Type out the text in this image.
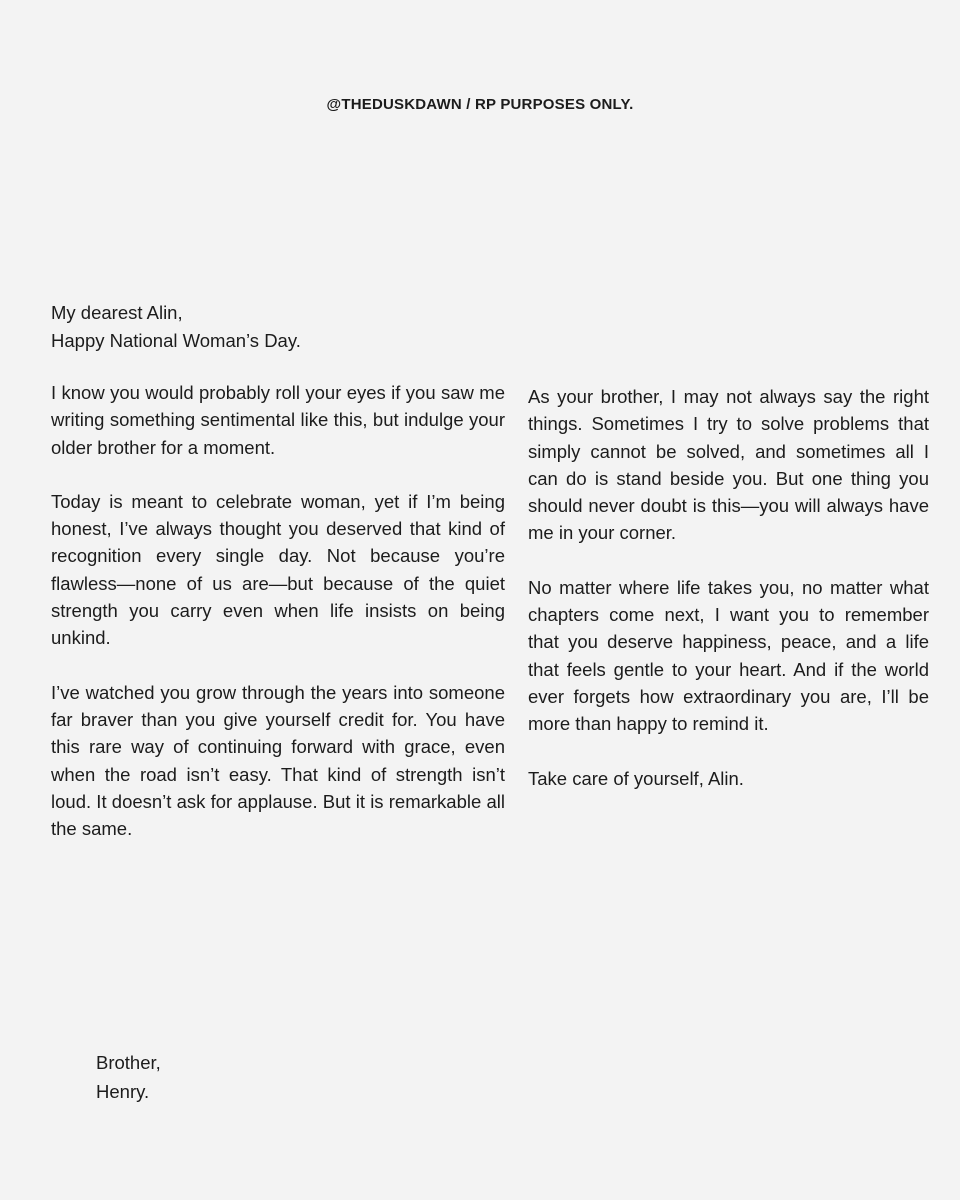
@THEDUSKDAWN / RP PURPOSES ONLY.
My dearest Alin,
Happy National Woman’s Day.

I know you would probably roll your eyes if you saw me writing something sentimental like this, but indulge your older brother for a moment.

Today is meant to celebrate woman, yet if I’m being honest, I’ve always thought you deserved that kind of recognition every single day. Not because you’re flawless—none of us are—but because of the quiet strength you carry even when life insists on being unkind.

I’ve watched you grow through the years into someone far braver than you give yourself credit for. You have this rare way of continuing forward with grace, even when the road isn’t easy. That kind of strength isn’t loud. It doesn’t ask for applause. But it is remarkable all the same.

As your brother, I may not always say the right things. Sometimes I try to solve problems that simply cannot be solved, and sometimes all I can do is stand beside you. But one thing you should never doubt is this—you will always have me in your corner.

No matter where life takes you, no matter what chapters come next, I want you to remember that you deserve happiness, peace, and a life that feels gentle to your heart. And if the world ever forgets how extraordinary you are, I’ll be more than happy to remind it.

Take care of yourself, Alin.

Brother,
Henry.
